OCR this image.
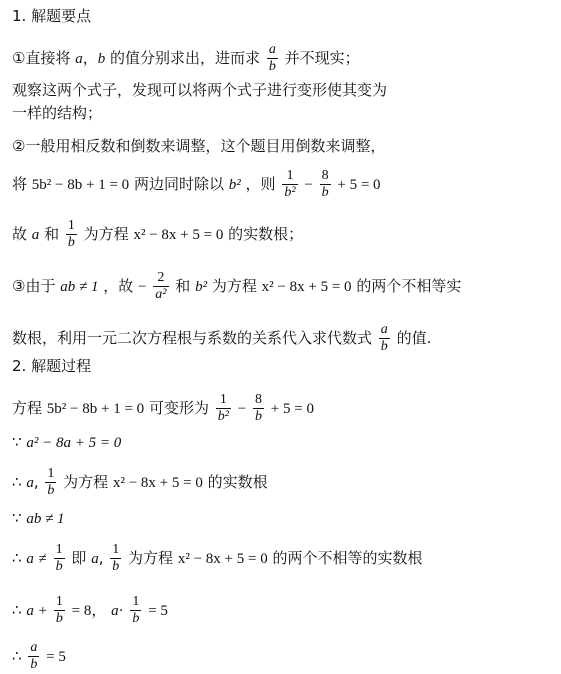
1. 解题要点
①直接将 a，b 的值分别求出，进而求 $\frac{a}{b}$ 并不现实；
观察这两个式子，发现可以将两个式子进行变形使其变为
一样的结构；
②一般用相反数和倒数来调整，这个题目用倒数来调整，
将 5b² − 8b + 1 = 0 两边同时除以 b² ，则 $\frac{1}{\text{b²}} - \frac{8}{b} + 5 = 0$
故 a 和 $\frac{1}{b}$ 为方程 x² − 8x + 5 = 0 的实数根；
③由于 ab ≠ 1 ，故 − $\frac{2}{\text{a²}}$ 和 b² 为方程 x² − 8x + 5 = 0 的两个不相等实
数根，利用一元二次方程根与系数的关系代入求代数式 $\frac{a}{b}$ 的值.
2. 解题过程
方程 5b² − 8b + 1 = 0 可变形为 $\frac{1}{\text{b²}} - \frac{8}{b} + 5 = 0$
∵ a² − 8a + 5 = 0
∴ a, $\frac{1}{b}$ 为方程 x² − 8x + 5 = 0 的实数根
∵ ab ≠ 1
∴ $a \ne \frac{1}{b}$ 即 a, $\frac{1}{b}$ 为方程 x² − 8x + 5 = 0 的两个不相等的实数根
∴ $a + \frac{1}{b} = 8$， $a\cdot \frac{1}{b} = 5$
∴ $\frac{a}{b} = 5$
